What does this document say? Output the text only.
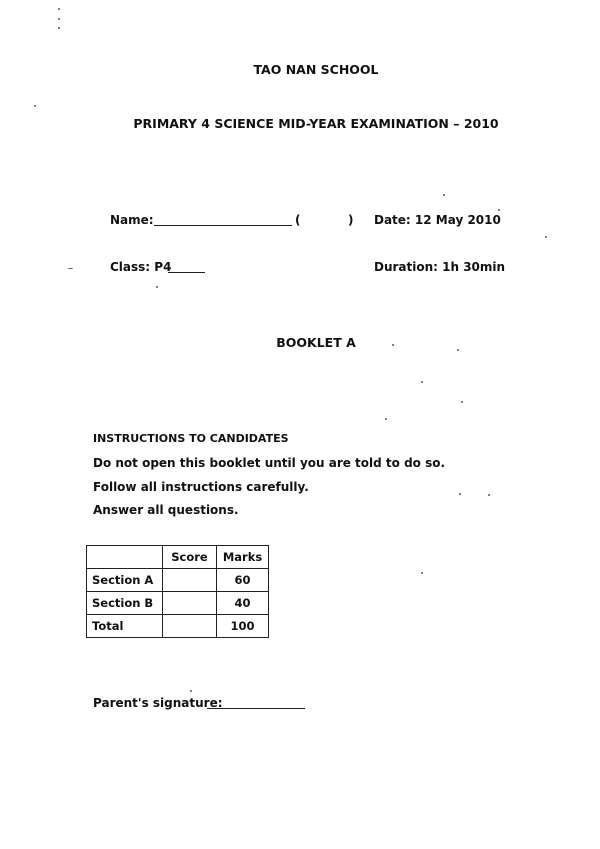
TAO NAN SCHOOL
PRIMARY 4 SCIENCE MID-YEAR EXAMINATION – 2010
Name:	(	) Date: 12 May 2010
Class: P4	Duration: 1h 30min
BOOKLET A
INSTRUCTIONS TO CANDIDATES
Do not open this booklet until you are told to do so.
Follow all instructions carefully.
Answer all questions.
	Score	Marks
Section A		60
Section B		40
Total		100
Parent's signature:
